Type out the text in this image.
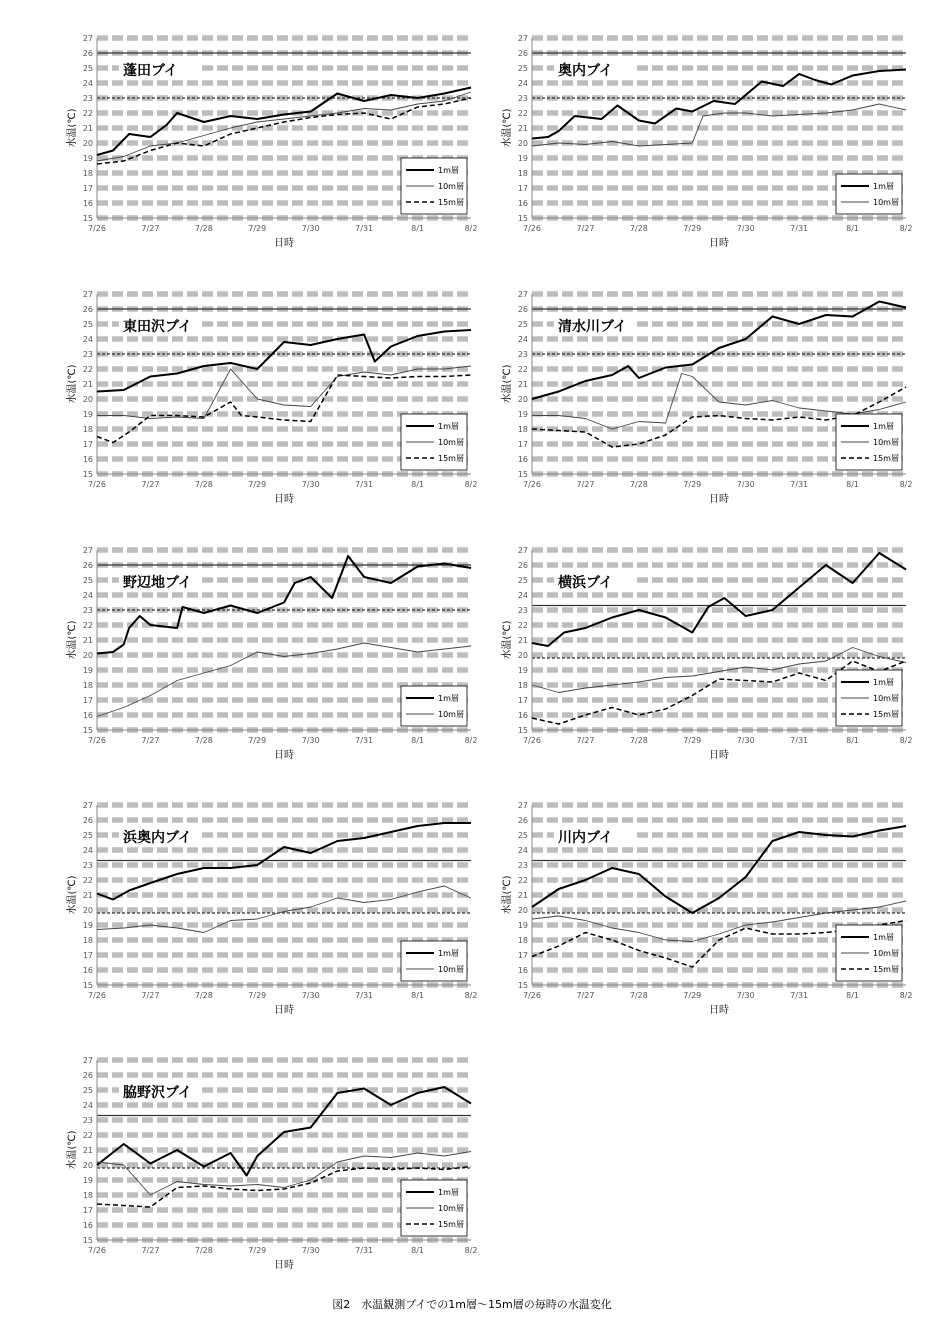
15
16
17
18
19
20
21
22
23
24
25
26
27
7/26	7/27	7/28	7/29	7/30	7/31	8/1	8/2
日時
水温(℃)
蓬田ブイ
1m層
10m層
15m層
15
16
17
18
19
20
21
22
23
24
25
26
27
7/26	7/27	7/28	7/29	7/30	7/31	8/1	8/2
日時
水温(℃)
奥内ブイ
1m層
10m層
15
16
17
18
19
20
21
22
23
24
25
26
27
7/26	7/27	7/28	7/29	7/30	7/31	8/1	8/2
日時
水温(℃)
東田沢ブイ
1m層
10m層
15m層
15
16
17
18
19
20
21
22
23
24
25
26
27
7/26	7/27	7/28	7/29	7/30	7/31	8/1	8/2
日時
水温(℃)
清水川ブイ
1m層
10m層
15m層
15
16
17
18
19
20
21
22
23
24
25
26
27
7/26	7/27	7/28	7/29	7/30	7/31	8/1	8/2
日時
水温(℃)
野辺地ブイ
1m層
10m層
15
16
17
18
19
20
21
22
23
24
25
26
27
7/26	7/27	7/28	7/29	7/30	7/31	8/1	8/2
日時
水温(℃)
横浜ブイ
1m層
10m層
15m層
15
16
17
18
19
20
21
22
23
24
25
26
27
7/26	7/27	7/28	7/29	7/30	7/31	8/1	8/2
日時
水温(℃)
浜奥内ブイ
1m層
10m層
15
16
17
18
19
20
21
22
23
24
25
26
27
7/26	7/27	7/28	7/29	7/30	7/31	8/1	8/2
日時
水温(℃)
川内ブイ
1m層
10m層
15m層
15
16
17
18
19
20
21
22
23
24
25
26
27
7/26	7/27	7/28	7/29	7/30	7/31	8/1	8/2
日時
水温(℃)
脇野沢ブイ
1m層
10m層
15m層
図2　水温観測ブイでの1m層～15m層の毎時の水温変化
